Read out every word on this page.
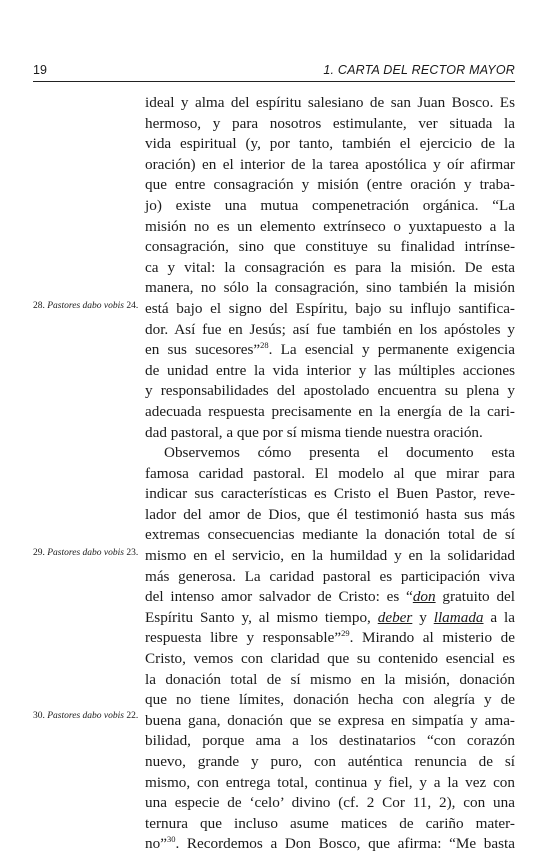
19	1. CARTA DEL RECTOR MAYOR
ideal y alma del espíritu salesiano de san Juan Bosco. Es
hermoso, y para nosotros estimulante, ver situada la
vida espiritual (y, por tanto, también el ejercicio de la
oración) en el interior de la tarea apostólica y oír afirmar
que entre consagración y misión (entre oración y traba-
jo) existe una mutua compenetración orgánica. “La
misión no es un elemento extrínseco o yuxtapuesto a la
consagración, sino que constituye su finalidad intrínse-
ca y vital: la consagración es para la misión. De esta
manera, no sólo la consagración, sino también la misión
está bajo el signo del Espíritu, bajo su influjo santifica-
dor. Así fue en Jesús; así fue también en los apóstoles y
en sus sucesores”$^{28}$. La esencial y permanente exigencia
de unidad entre la vida interior y las múltiples acciones
y responsabilidades del apostolado encuentra su plena y
adecuada respuesta precisamente en la energía de la cari-
dad pastoral, a que por sí misma tiende nuestra oración.
Observemos cómo presenta el documento esta
famosa caridad pastoral. El modelo al que mirar para
indicar sus características es Cristo el Buen Pastor, reve-
lador del amor de Dios, que él testimonió hasta sus más
extremas consecuencias mediante la donación total de sí
mismo en el servicio, en la humildad y en la solidaridad
más generosa. La caridad pastoral es participación viva
del intenso amor salvador de Cristo: es “don gratuito del
Espíritu Santo y, al mismo tiempo, deber y llamada a la
respuesta libre y responsable”$^{29}$. Mirando al misterio de
Cristo, vemos con claridad que su contenido esencial es
la donación total de sí mismo en la misión, donación
que no tiene límites, donación hecha con alegría y de
buena gana, donación que se expresa en simpatía y ama-
bilidad, porque ama a los destinatarios “con corazón
nuevo, grande y puro, con auténtica renuncia de sí
mismo, con entrega total, continua y fiel, y a la vez con
una especie de ‘celo’ divino (cf. 2 Cor 11, 2), con una
ternura que incluso asume matices de cariño mater-
no”$^{30}$. Recordemos a Don Bosco, que afirma: “Me basta
28. Pastores dabo vobis 24.
29. Pastores dabo vobis 23.
30. Pastores dabo vobis 22.
